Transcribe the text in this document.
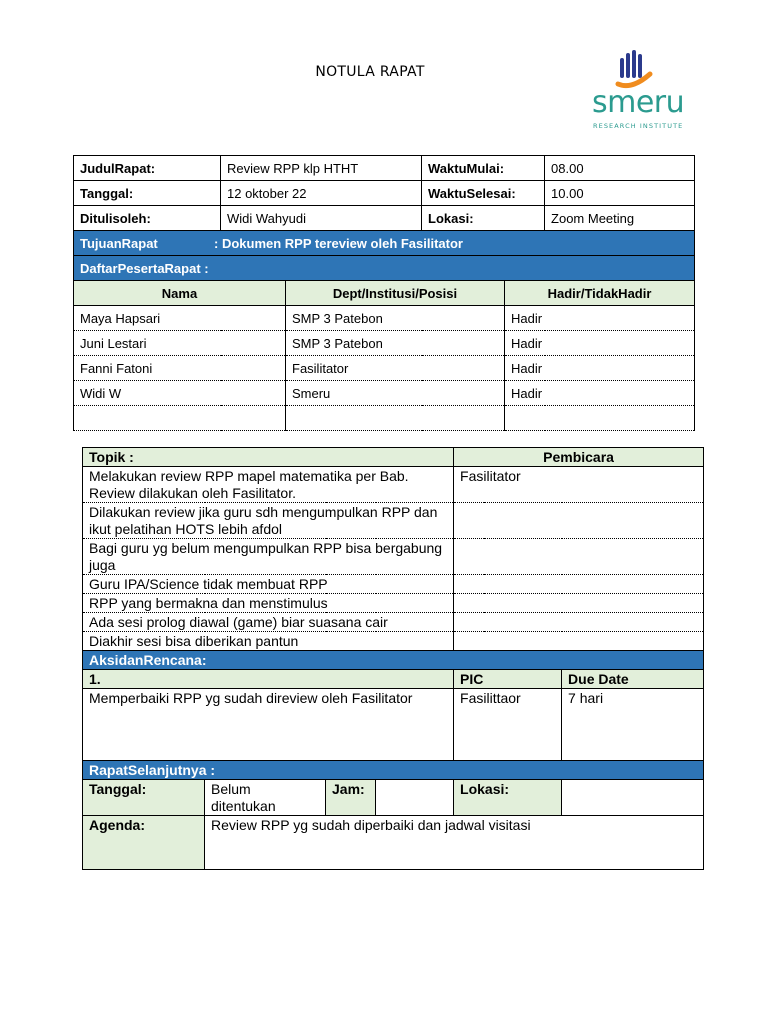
NOTULA RAPAT
smeru
RESEARCH INSTITUTE
JudulRapat:	Review RPP klp HTHT		WaktuMulai:		08.00
Tanggal:	12 oktober 22		WaktuSelesai:		10.00
Ditulisoleh:	Widi Wahyudi		Lokasi:		Zoom Meeting
TujuanRapat : Dokumen RPP tereview oleh Fasilitator					
DaftarPesertaRapat :					
Nama		Dept/Institusi/Posisi		Hadir/TidakHadir	
Maya Hapsari		SMP 3 Patebon		Hadir	
Juni Lestari		SMP 3 Patebon		Hadir	
Fanni Fatoni		Fasilitator		Hadir	
Widi W		Smeru		Hadir	

Topik :				Pembicara	
Melakukan review RPP mapel matematika per Bab. Review dilakukan oleh Fasilitator.				Fasilitator	
Dilakukan review jika guru sdh mengumpulkan RPP dan ikut pelatihan HOTS lebih afdol					
Bagi guru yg belum mengumpulkan RPP bisa bergabung juga					
Guru IPA/Science tidak membuat RPP					
RPP yang bermakna dan menstimulus					
Ada sesi prolog diawal (game) biar suasana cair					
Diakhir sesi bisa diberikan pantun					
AksidanRencana:					
1.				PIC	Due Date
Memperbaiki RPP yg sudah direview oleh Fasilitator				Fasilittaor	7 hari
RapatSelanjutnya :					
Tanggal:	Belum ditentukan	Jam:		Lokasi:	
Agenda:	Review RPP yg sudah diperbaiki dan jadwal visitasi				
